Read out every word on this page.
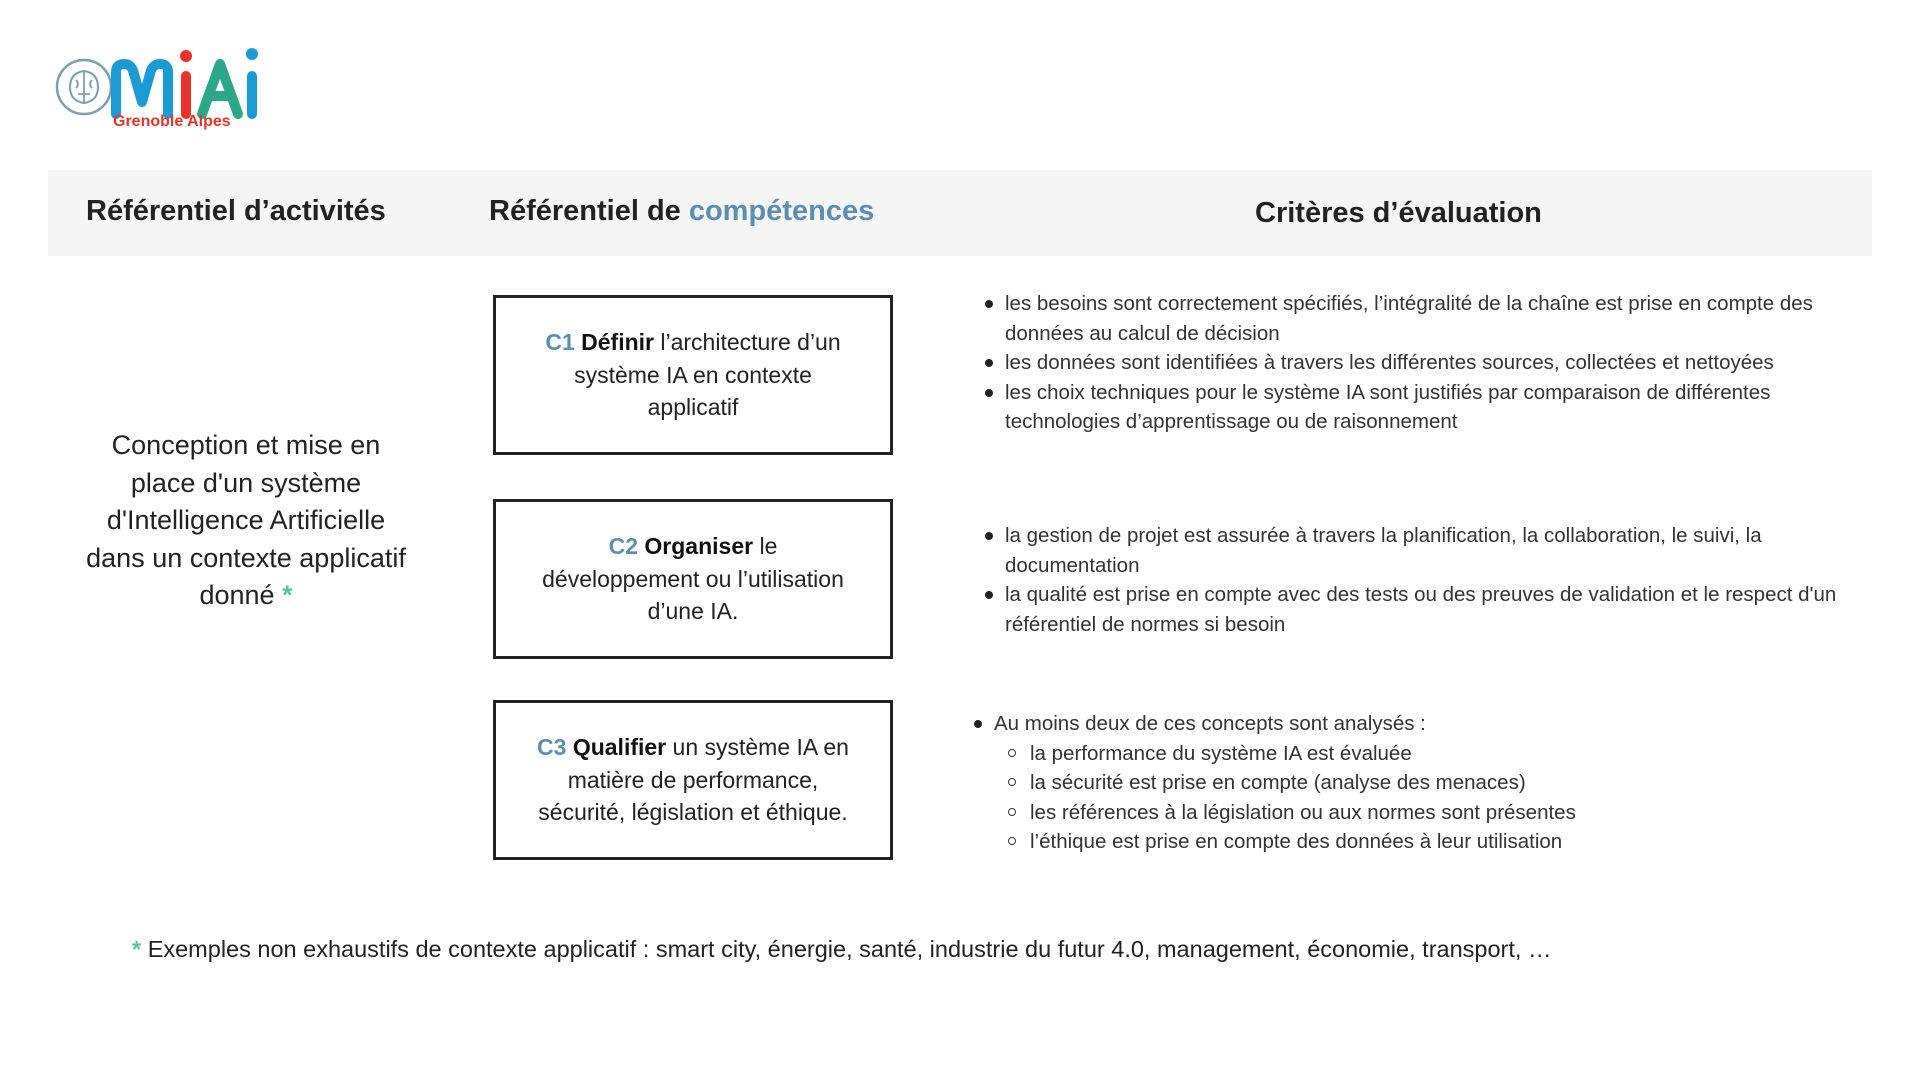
Grenoble Alpes
Référentiel d’activités	Référentiel de compétences	Critères d’évaluation
Conception et mise en place d'un système d'Intelligence Artificielle dans un contexte applicatif donné *
C1 Définir l’architecture d’un système IA en contexte applicatif
C2 Organiser le développement ou l’utilisation d’une IA.
C3 Qualifier un système IA en matière de performance, sécurité, législation et éthique.
les besoins sont correctement spécifiés, l’intégralité de la chaîne est prise en compte des données au calcul de décision
les données sont identifiées à travers les différentes sources, collectées et nettoyées
les choix techniques pour le système IA sont justifiés par comparaison de différentes technologies d’apprentissage ou de raisonnement
la gestion de projet est assurée à travers la planification, la collaboration, le suivi, la documentation
la qualité est prise en compte avec des tests ou des preuves de validation et le respect d'un référentiel de normes si besoin
Au moins deux de ces concepts sont analysés :
la performance du système IA est évaluée
la sécurité est prise en compte (analyse des menaces)
les références à la législation ou aux normes sont présentes
l’éthique est prise en compte des données à leur utilisation
* Exemples non exhaustifs de contexte applicatif : smart city, énergie, santé, industrie du futur 4.0, management, économie, transport, …
